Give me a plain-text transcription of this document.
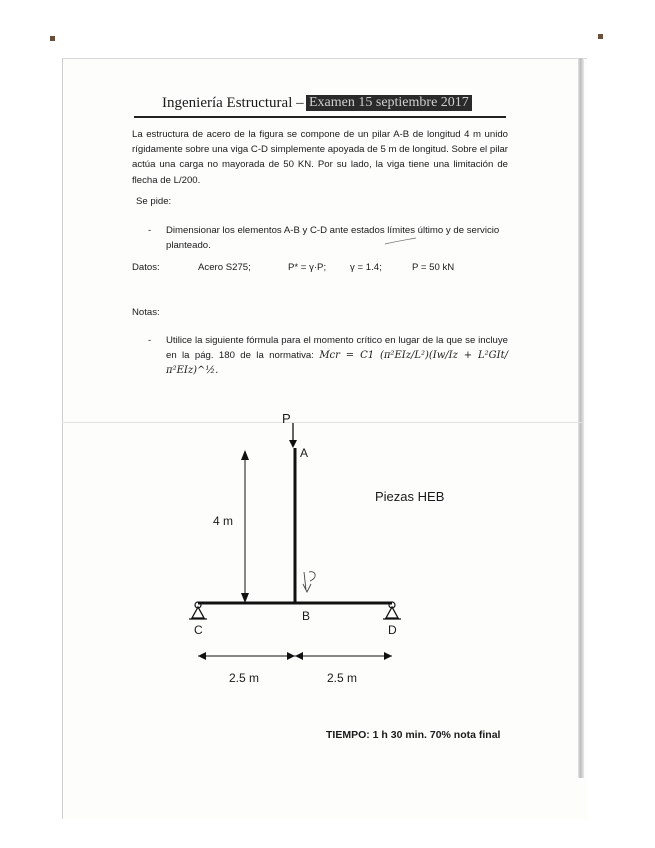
Ingeniería Estructural – Examen 15 septiembre 2017
La estructura de acero de la figura se compone de un pilar A-B de longitud 4 m unido rígidamente sobre una viga C-D simplemente apoyada de 5 m de longitud. Sobre el pilar actúa una carga no mayorada de 50 KN. Por su lado, la viga tiene una limitación de flecha de L/200.
Se pide:
- Dimensionar los elementos A-B y C-D ante estados límites último y de servicio planteado.
Datos:	Acero S275;	P* = γ·P; γ = 1.4;	P = 50 kN
Notas:
- Utilice la siguiente fórmula para el momento crítico en lugar de la que se incluye en la pág. 180 de la normativa: Mcr = C1 (π²EIz/L²)(Iw/Iz + L²GIt/π²EIz)^½.
P
A
B
C	D
4 m
2.5 m	2.5 m
Piezas HEB
TIEMPO: 1 h 30 min. 70% nota final
